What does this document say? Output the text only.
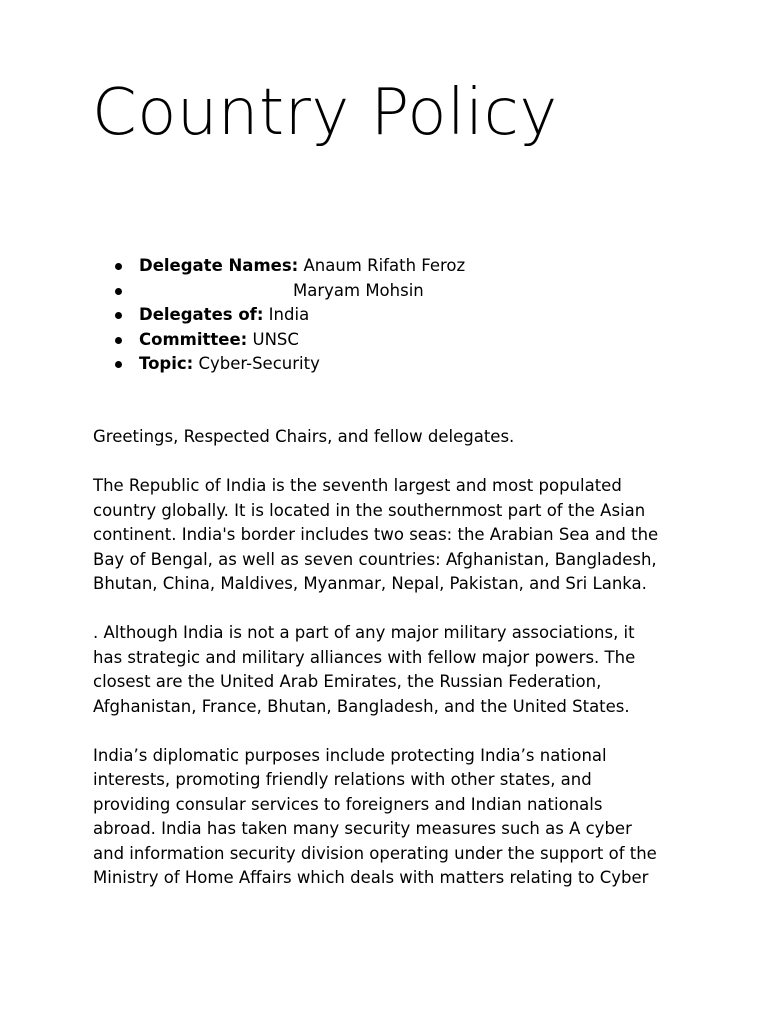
Country Policy
Delegate Names: Anaum Rifath Feroz
Maryam Mohsin
Delegates of: India
Committee: UNSC
Topic: Cyber-Security

Greetings, Respected Chairs, and fellow delegates.

The Republic of India is the seventh largest and most populated
country globally. It is located in the southernmost part of the Asian
continent. India's border includes two seas: the Arabian Sea and the
Bay of Bengal, as well as seven countries: Afghanistan, Bangladesh,
Bhutan, China, Maldives, Myanmar, Nepal, Pakistan, and Sri Lanka.

. Although India is not a part of any major military associations, it
has strategic and military alliances with fellow major powers. The
closest are the United Arab Emirates, the Russian Federation,
Afghanistan, France, Bhutan, Bangladesh, and the United States.

India’s diplomatic purposes include protecting India’s national
interests, promoting friendly relations with other states, and
providing consular services to foreigners and Indian nationals
abroad. India has taken many security measures such as A cyber
and information security division operating under the support of the
Ministry of Home Affairs which deals with matters relating to Cyber
